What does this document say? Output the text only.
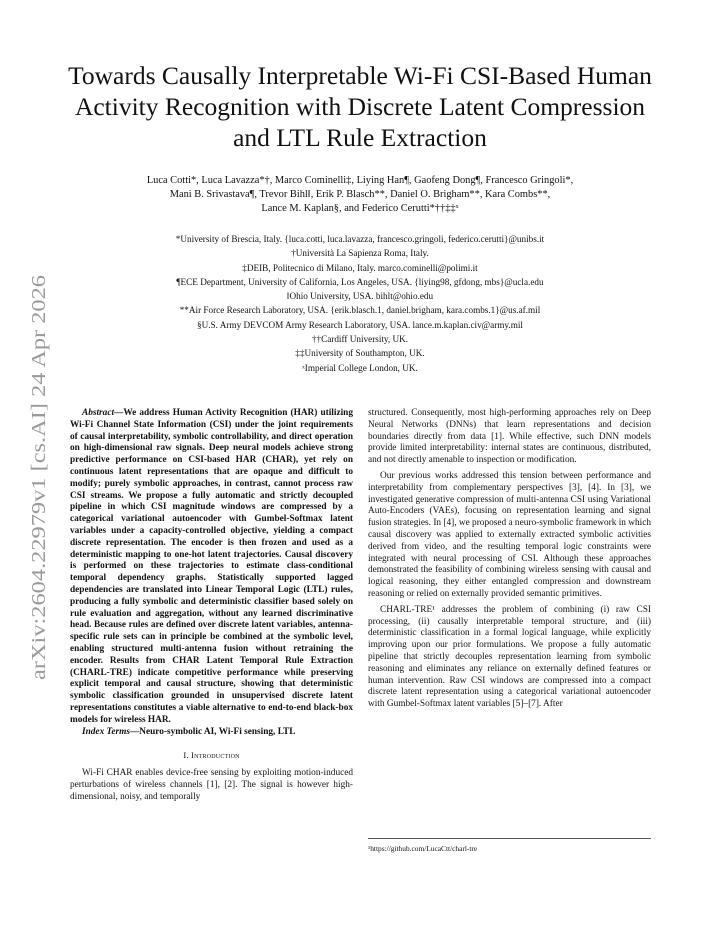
arXiv:2604.22979v1 [cs.AI] 24 Apr 2026
Towards Causally Interpretable Wi-Fi CSI-Based Human Activity Recognition with Discrete Latent Compression and LTL Rule Extraction
Luca Cotti*, Luca Lavazza*†, Marco Cominelli‡, Liying Han¶, Gaofeng Dong¶, Francesco Gringoli*,
Mani B. Srivastava¶, Trevor Bihl‖, Erik P. Blasch**, Daniel O. Brigham**, Kara Combs**,
Lance M. Kaplan§, and Federico Cerutti*††‡‡ˣ
*University of Brescia, Italy. {luca.cotti, luca.lavazza, francesco.gringoli, federico.cerutti}@unibs.it
†Università La Sapienza Roma, Italy.
‡DEIB, Politecnico di Milano, Italy. marco.cominelli@polimi.it
¶ECE Department, University of California, Los Angeles, USA. {liying98, gfdong, mbs}@ucla.edu
‖Ohio University, USA. bihlt@ohio.edu
**Air Force Research Laboratory, USA. {erik.blasch.1, daniel.brigham, kara.combs.1}@us.af.mil
§U.S. Army DEVCOM Army Research Laboratory, USA. lance.m.kaplan.civ@army.mil
††Cardiff University, UK.
‡‡University of Southampton, UK.
ˣImperial College London, UK.

Abstract—We address Human Activity Recognition (HAR) utilizing Wi-Fi Channel State Information (CSI) under the joint requirements of causal interpretability, symbolic controllability, and direct operation on high-dimensional raw signals. Deep neural models achieve strong predictive performance on CSI-based HAR (CHAR), yet rely on continuous latent representations that are opaque and difficult to modify; purely symbolic approaches, in contrast, cannot process raw CSI streams. We propose a fully automatic and strictly decoupled pipeline in which CSI magnitude windows are compressed by a categorical variational autoencoder with Gumbel-Softmax latent variables under a capacity-controlled objective, yielding a compact discrete representation. The encoder is then frozen and used as a deterministic mapping to one-hot latent trajectories. Causal discovery is performed on these trajectories to estimate class-conditional temporal dependency graphs. Statistically supported lagged dependencies are translated into Linear Temporal Logic (LTL) rules, producing a fully symbolic and deterministic classifier based solely on rule evaluation and aggregation, without any learned discriminative head. Because rules are defined over discrete latent variables, antenna-specific rule sets can in principle be combined at the symbolic level, enabling structured multi-antenna fusion without retraining the encoder. Results from CHAR Latent Temporal Rule Extraction (CHARL-TRE) indicate competitive performance while preserving explicit temporal and causal structure, showing that deterministic symbolic classification grounded in unsupervised discrete latent representations constitutes a viable alternative to end-to-end black-box models for wireless HAR.

Index Terms—Neuro-symbolic AI, Wi-Fi sensing, LTL

I. Introduction

Wi-Fi CHAR enables device-free sensing by exploiting motion-induced perturbations of wireless channels [1], [2]. The signal is however high-dimensional, noisy, and temporally

structured. Consequently, most high-performing approaches rely on Deep Neural Networks (DNNs) that learn representations and decision boundaries directly from data [1]. While effective, such DNN models provide limited interpretability: internal states are continuous, distributed, and not directly amenable to inspection or modification.

Our previous works addressed this tension between performance and interpretability from complementary perspectives [3], [4]. In [3], we investigated generative compression of multi-antenna CSI using Variational Auto-Encoders (VAEs), focusing on representation learning and signal fusion strategies. In [4], we proposed a neuro-symbolic framework in which causal discovery was applied to externally extracted symbolic activities derived from video, and the resulting temporal logic constraints were integrated with neural processing of CSI. Although these approaches demonstrated the feasibility of combining wireless sensing with causal and logical reasoning, they either entangled compression and downstream reasoning or relied on externally provided semantic primitives.

CHARL-TRE¹ addresses the problem of combining (i) raw CSI processing, (ii) causally interpretable temporal structure, and (iii) deterministic classification in a formal logical language, while explicitly improving upon our prior formulations. We propose a fully automatic pipeline that strictly decouples representation learning from symbolic reasoning and eliminates any reliance on externally defined features or human intervention. Raw CSI windows are compressed into a compact discrete latent representation using a categorical variational autoencoder with Gumbel-Softmax latent variables [5]–[7]. After

¹https://github.com/LucaCtt/charl-tre
